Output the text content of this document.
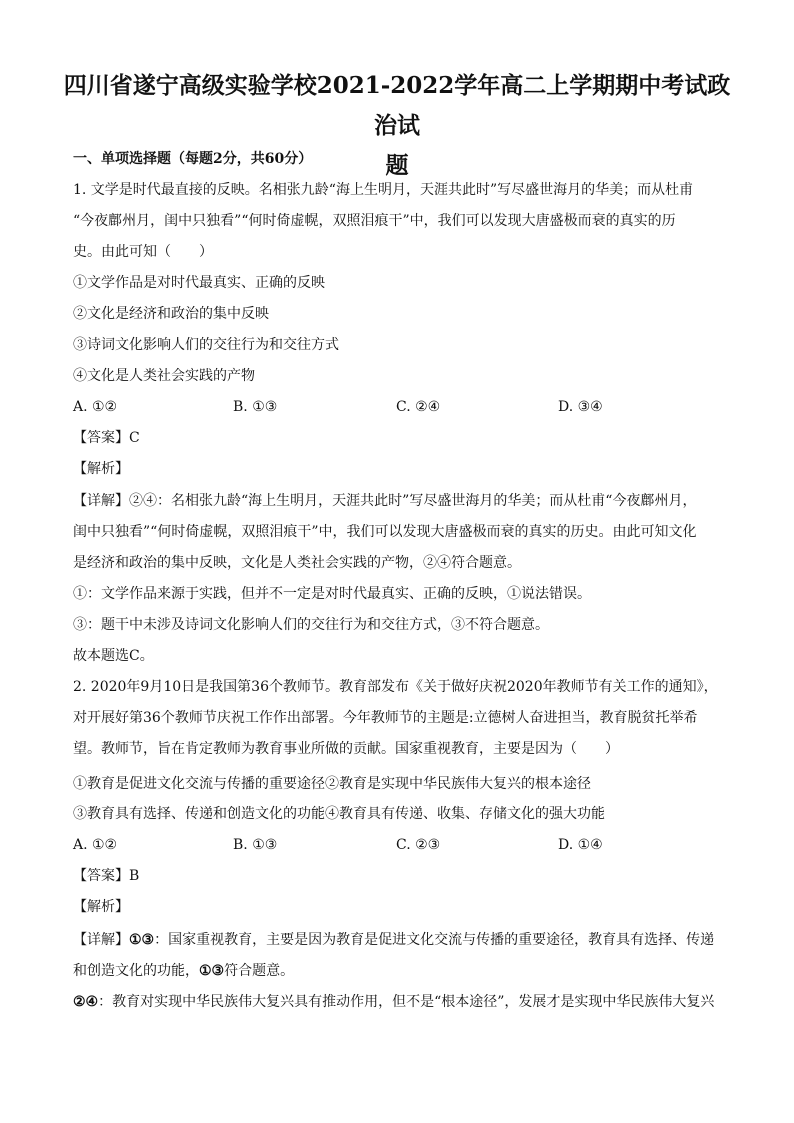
四川省遂宁高级实验学校2021-2022学年高二上学期期中考试政治试
题
一、单项选择题（每题2分，共60分）
1. 文学是时代最直接的反映。名相张九龄“海上生明月，天涯共此时”写尽盛世海月的华美；而从杜甫
“今夜鄜州月，闺中只独看”“何时倚虚幌，双照泪痕干”中，我们可以发现大唐盛极而衰的真实的历
史。由此可知（　　）
①文学作品是对时代最真实、正确的反映
②文化是经济和政治的集中反映
③诗词文化影响人们的交往行为和交往方式
④文化是人类社会实践的产物
A. ①②	B. ①③	C. ②④	D. ③④
【答案】C
【解析】
【详解】②④：名相张九龄“海上生明月，天涯共此时”写尽盛世海月的华美；而从杜甫“今夜鄜州月，
闺中只独看”“何时倚虚幌，双照泪痕干”中，我们可以发现大唐盛极而衰的真实的历史。由此可知文化
是经济和政治的集中反映，文化是人类社会实践的产物，②④符合题意。
①：文学作品来源于实践，但并不一定是对时代最真实、正确的反映，①说法错误。
③：题干中未涉及诗词文化影响人们的交往行为和交往方式，③不符合题意。
故本题选C。
2. 2020年9月10日是我国第36个教师节。教育部发布《关于做好庆祝2020年教师节有关工作的通知》，
对开展好第36个教师节庆祝工作作出部署。今年教师节的主题是:立德树人奋进担当，教育脱贫托举希
望。教师节，旨在肯定教师为教育事业所做的贡献。国家重视教育，主要是因为（　　）
①教育是促进文化交流与传播的重要途径②教育是实现中华民族伟大复兴的根本途径
③教育具有选择、传递和创造文化的功能④教育具有传递、收集、存储文化的强大功能
A. ①②	B. ①③	C. ②③	D. ①④
【答案】B
【解析】
【详解】①③：国家重视教育，主要是因为教育是促进文化交流与传播的重要途径，教育具有选择、传递
和创造文化的功能，①③符合题意。
②④：教育对实现中华民族伟大复兴具有推动作用，但不是“根本途径”，发展才是实现中华民族伟大复兴
